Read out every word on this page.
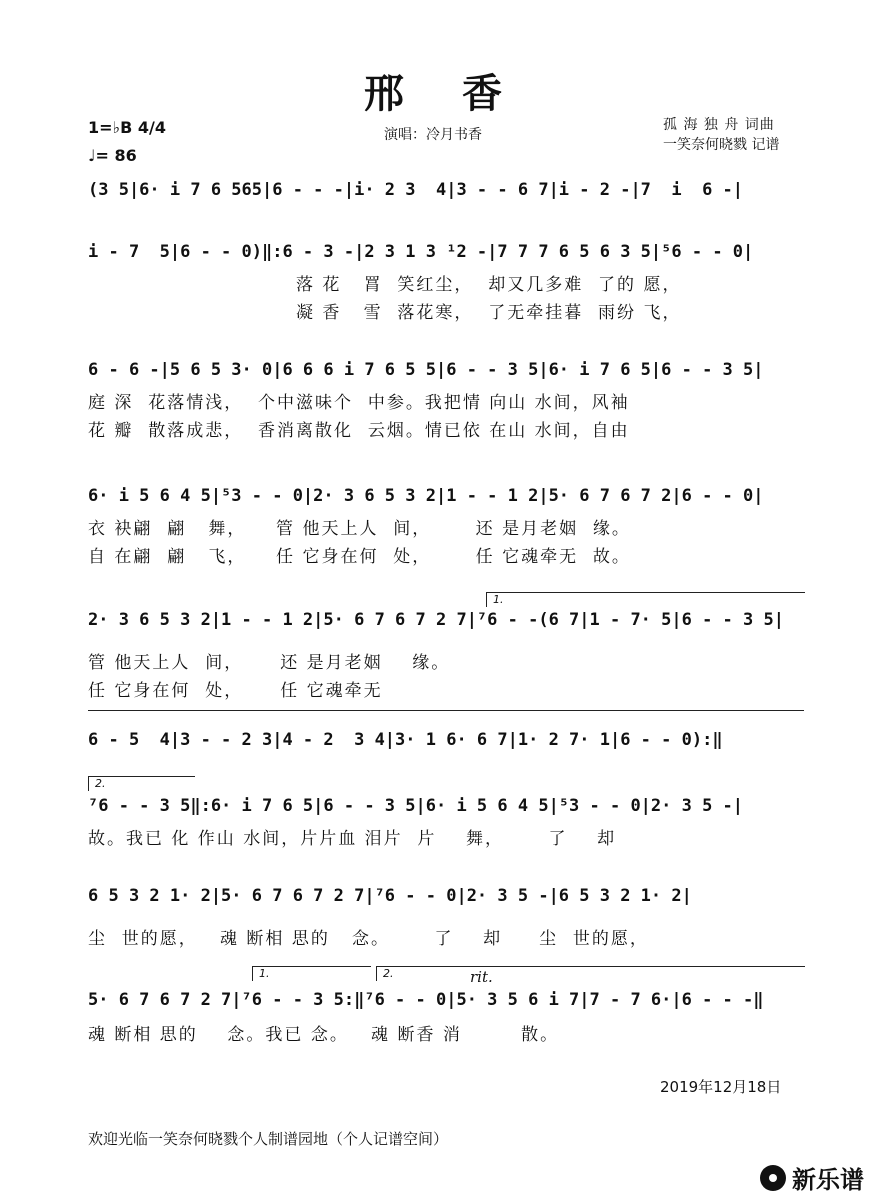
邢 香
1=♭B 4/4
♩= 86
演唱：冷月书香
孤 海 独 舟 词曲
一笑奈何晓戮 记谱
(3 5|6· i 7 6 565|6 - - -|i· 2 3  4|3 - - 6 7|i - 2 -|7  i  6 -|
i - 7  5|6 - - 0)‖:6 - 3 -|2 3 1 3 ¹2 -|7 7 7 6 5 6 3 5|⁵6 - - 0|
落 花   罥  笑红尘，  却又几多难  了的 愿，
凝 香   雪  落花寒，  了无牵挂暮  雨纷 飞，
6 - 6 -|5 6 5 3· 0|6 6 6 i 7 6 5 5|6 - - 3 5|6· i 7 6 5|6 - - 3 5|
庭 深  花落情浅，  个中滋味个  中参。我把情 向山 水间，风袖
花 瓣  散落成悲，  香消离散化  云烟。情已依 在山 水间，自由
6· i 5 6 4 5|⁵3 - - 0|2· 3 6 5 3 2|1 - - 1 2|5· 6 7 6 7 2|6 - - 0|
衣 袂翩  翩   舞，    管 他天上人  间，      还 是月老姻  缘。
自 在翩  翩   飞，    任 它身在何  处，      任 它魂牵无  故。
1.
2· 3 6 5 3 2|1 - - 1 2|5· 6 7 6 7 2 7|⁷6 - -(6 7|1 - 7· 5|6 - - 3 5|
管 他天上人  间，     还 是月老姻    缘。
任 它身在何  处，     任 它魂牵无
6 - 5  4|3 - - 2 3|4 - 2  3 4|3· 1 6· 6 7|1· 2 7· 1|6 - - 0):‖
2.
⁷6 - - 3 5‖:6· i 7 6 5|6 - - 3 5|6· i 5 6 4 5|⁵3 - - 0|2· 3 5 -|
故。我已 化 作山 水间，片片血 泪片  片    舞，      了    却
6 5 3 2 1· 2|5· 6 7 6 7 2 7|⁷6 - - 0|2· 3 5 -|6 5 3 2 1· 2|
尘  世的愿，   魂 断相 思的   念。      了    却     尘  世的愿，
1.	2.	rit.
5· 6 7 6 7 2 7|⁷6 - - 3 5:‖⁷6 - - 0|5· 3 5 6 i 7|7 - 7 6·|6 - - -‖
魂 断相 思的    念。我已 念。   魂 断香 消        散。
2019年12月18日
欢迎光临一笑奈何晓戮个人制谱园地（个人记谱空间）
新乐谱
